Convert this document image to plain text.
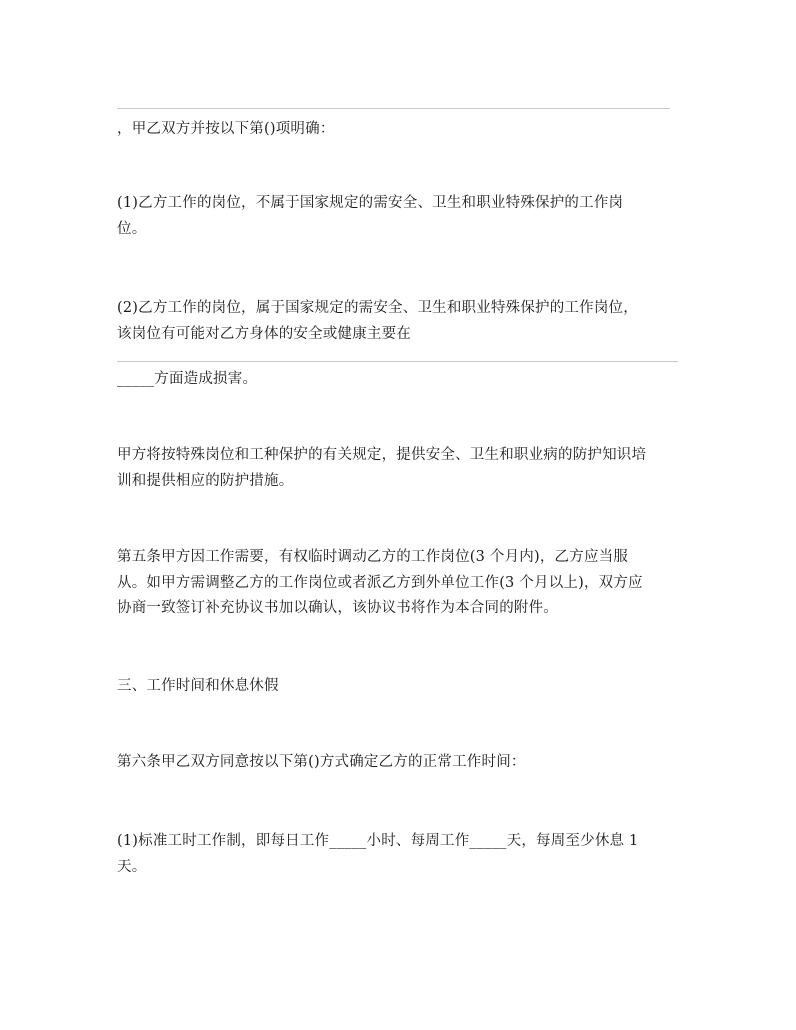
，甲乙双方并按以下第()项明确：

(1)乙方工作的岗位，不属于国家规定的需安全、卫生和职业特殊保护的工作岗
位。

(2)乙方工作的岗位，属于国家规定的需安全、卫生和职业特殊保护的工作岗位，
该岗位有可能对乙方身体的安全或健康主要在

_____方面造成损害。

甲方将按特殊岗位和工种保护的有关规定，提供安全、卫生和职业病的防护知识培
训和提供相应的防护措施。

第五条甲方因工作需要，有权临时调动乙方的工作岗位(3 个月内)，乙方应当服
从。如甲方需调整乙方的工作岗位或者派乙方到外单位工作(3 个月以上)，双方应
协商一致签订补充协议书加以确认，该协议书将作为本合同的附件。

三、工作时间和休息休假

第六条甲乙双方同意按以下第()方式确定乙方的正常工作时间：

(1)标准工时工作制，即每日工作_____小时、每周工作_____天，每周至少休息 1
天。
